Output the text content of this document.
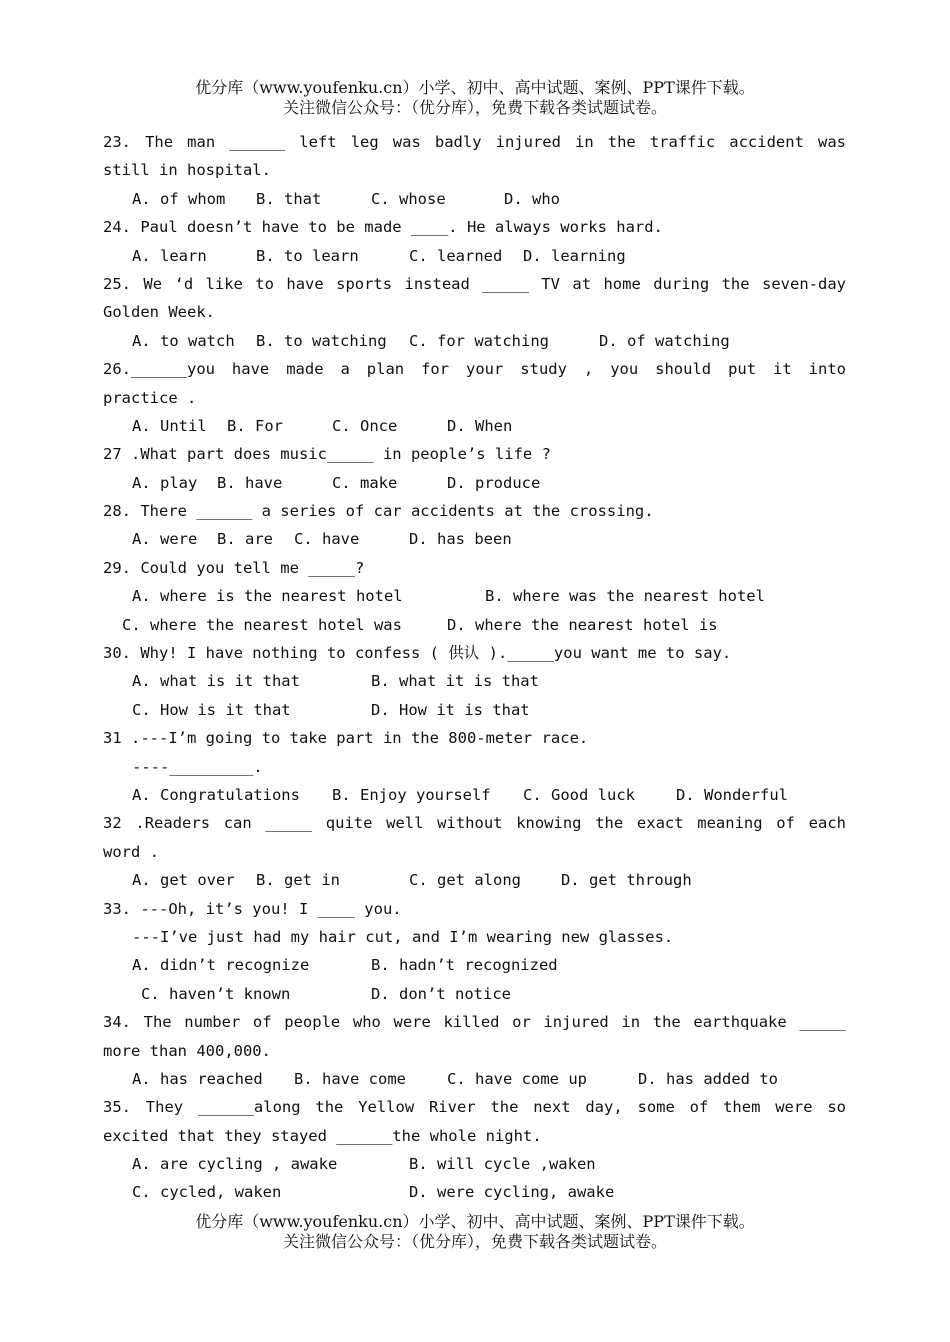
优分库（www.youfenku.cn）小学、初中、高中试题、案例、PPT课件下载。
关注微信公众号：（优分库），免费下载各类试题试卷。
23. The man ______ left leg was badly injured in the traffic accident was
still in hospital.
A. of whom B. that	C. whose	D. who
24. Paul doesn’t have to be made ____. He always works hard.
A. learn	B. to learn	C. learned D. learning
25. We ‘d like to have sports instead _____ TV at home during the seven-day
Golden Week.
A. to watch B. to watching C. for watching	D. of watching
26.______you have made a plan for your study , you should put it into
practice .
A. Until B. For	C. Once	D. When
27 .What part does music_____ in people’s life ?
A. play B. have	C. make	D. produce
28. There ______ a series of car accidents at the crossing.
A. were B. are C. have	D. has been
29. Could you tell me _____?
A. where is the nearest hotel	B. where was the nearest hotel
C. where the nearest hotel was	D. where the nearest hotel is
30. Why! I have nothing to confess ( 供认 )._____you want me to say.
A. what is it that	B. what it is that
C. How is it that	D. How it is that
31 .---I’m going to take part in the 800-meter race.
----_________.
A. Congratulations B. Enjoy yourself C. Good luck	D. Wonderful
32 .Readers can _____ quite well without knowing the exact meaning of each
word .
A. get over B. get in	C. get along	D. get through
33. ---Oh, it’s you! I ____ you.
---I’ve just had my hair cut, and I’m wearing new glasses.
A. didn’t recognize	B. hadn’t recognized
C. haven’t known	D. don’t notice
34. The number of people who were killed or injured in the earthquake _____
more than 400,000.
A. has reached B. have come	C. have come up	D. has added to
35. They ______along the Yellow River the next day, some of them were so
excited that they stayed ______the whole night.
A. are cycling , awake	B. will cycle ,waken
C. cycled, waken	D. were cycling, awake
优分库（www.youfenku.cn）小学、初中、高中试题、案例、PPT课件下载。
关注微信公众号：（优分库），免费下载各类试题试卷。
